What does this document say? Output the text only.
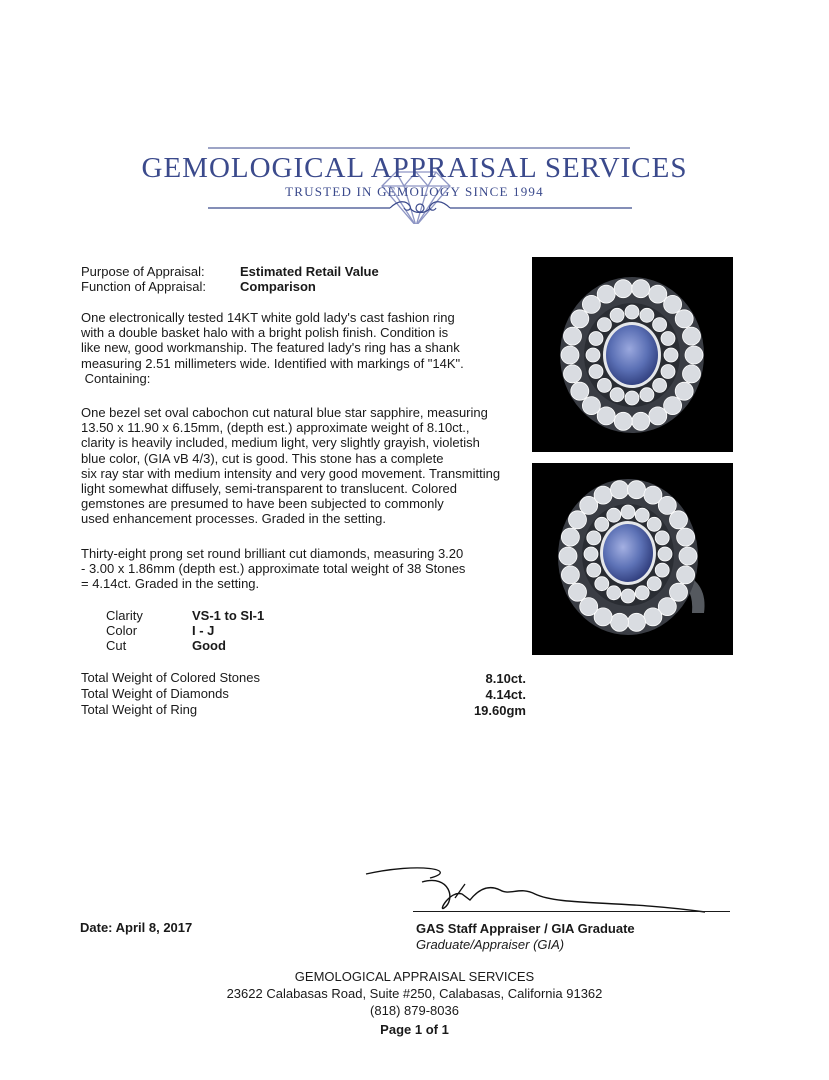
GEMOLOGICAL APPRAISAL SERVICES
TRUSTED IN GEMOLOGY SINCE 1994
Purpose of Appraisal:	Estimated Retail Value
Function of Appraisal:	Comparison
One electronically tested 14KT white gold lady's cast fashion ring
with a double basket halo with a bright polish finish. Condition is
like new, good workmanship. The featured lady's ring has a shank
measuring 2.51 millimeters wide. Identified with markings of "14K".
Containing:
One bezel set oval cabochon cut natural blue star sapphire, measuring
13.50 x 11.90 x 6.15mm, (depth est.) approximate weight of 8.10ct.,
clarity is heavily included, medium light, very slightly grayish, violetish
blue color, (GIA vB 4/3), cut is good. This stone has a complete
six ray star with medium intensity and very good movement. Transmitting
light somewhat diffusely, semi-transparent to translucent. Colored
gemstones are presumed to have been subjected to commonly
used enhancement processes. Graded in the setting.
Thirty-eight prong set round brilliant cut diamonds, measuring 3.20
- 3.00 x 1.86mm (depth est.) approximate total weight of 38 Stones
= 4.14ct. Graded in the setting.
Clarity	VS-1 to SI-1
Color	I - J
Cut	Good
Total Weight of Colored Stones	8.10ct.
Total Weight of Diamonds	4.14ct.
Total Weight of Ring	19.60gm
Date: April 8, 2017	GAS Staff Appraiser / GIA Graduate
Graduate/Appraiser (GIA)
GEMOLOGICAL APPRAISAL SERVICES
23622 Calabasas Road, Suite #250, Calabasas, California 91362
(818) 879-8036
Page 1 of 1
